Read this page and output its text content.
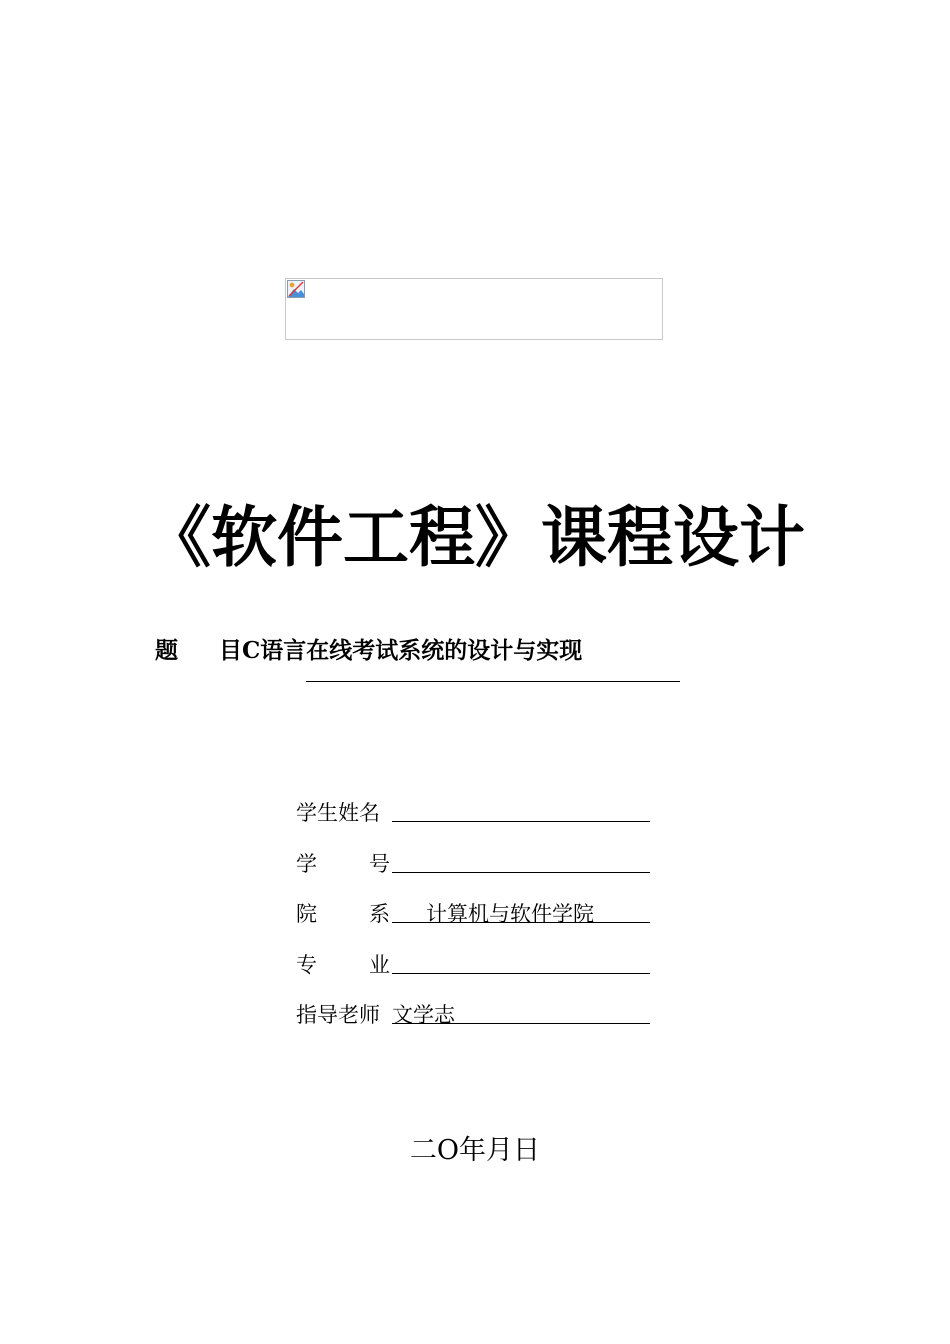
《软件工程》课程设计
题 目C语言在线考试系统的设计与实现
学生姓名
学 号
院 系	计算机与软件学院
专 业
指导老师 文学志
二O年月日
